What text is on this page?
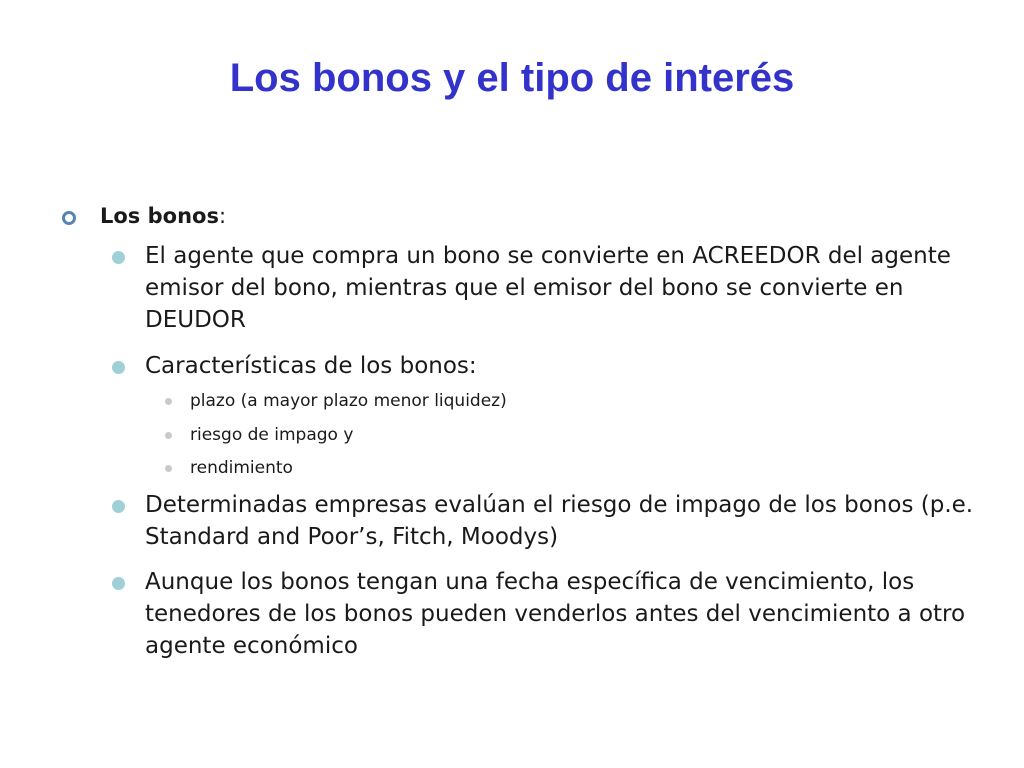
Los bonos y el tipo de interés
Los bonos:
El agente que compra un bono se convierte en ACREEDOR del agente emisor del bono, mientras que el emisor del bono se convierte en DEUDOR
Características de los bonos:
plazo (a mayor plazo menor liquidez)
riesgo de impago y
rendimiento
Determinadas empresas evalúan el riesgo de impago de los bonos (p.e. Standard and Poor’s, Fitch, Moodys)
Aunque los bonos tengan una fecha específica de vencimiento, los tenedores de los bonos pueden venderlos antes del vencimiento a otro agente económico
